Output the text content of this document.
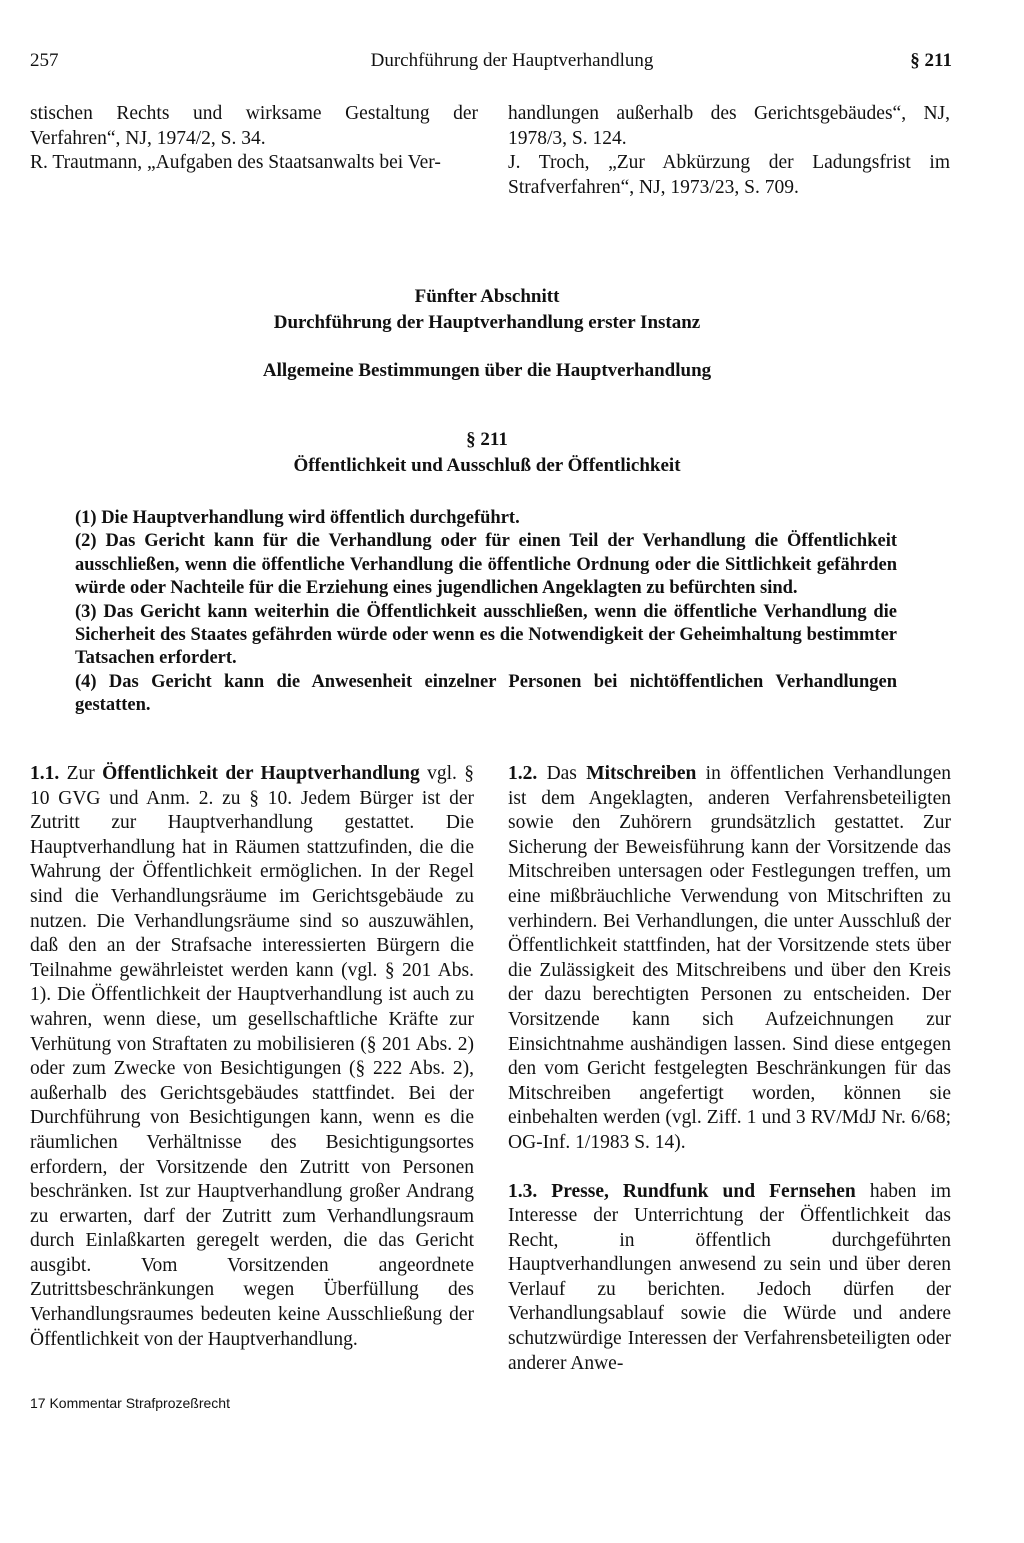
257	Durchführung der Hauptverhandlung	§ 211

stischen Rechts und wirksame Gestaltung der Verfahren“, NJ, 1974/2, S. 34.

R. Trautmann, „Aufgaben des Staatsanwalts bei Ver-

handlungen außerhalb des Gerichtsgebäudes“, NJ, 1978/3, S. 124.

J. Troch, „Zur Abkürzung der Ladungsfrist im Strafverfahren“, NJ, 1973/23, S. 709.

Fünfter Abschnitt
Durchführung der Hauptverhandlung erster Instanz
Allgemeine Bestimmungen über die Hauptverhandlung
§ 211
Öffentlichkeit und Ausschluß der Öffentlichkeit

(1) Die Hauptverhandlung wird öffentlich durchgeführt.

(2) Das Gericht kann für die Verhandlung oder für einen Teil der Verhandlung die Öffentlichkeit ausschließen, wenn die öffentliche Verhandlung die öffentliche Ordnung oder die Sittlichkeit gefährden würde oder Nachteile für die Erziehung eines jugendlichen Angeklagten zu befürchten sind.

(3) Das Gericht kann weiterhin die Öffentlichkeit ausschließen, wenn die öffentliche Verhandlung die Sicherheit des Staates gefährden würde oder wenn es die Notwendigkeit der Geheimhaltung bestimmter Tatsachen erfordert.

(4) Das Gericht kann die Anwesenheit einzelner Personen bei nichtöffentlichen Verhandlungen gestatten.

1.1. Zur Öffentlichkeit der Hauptverhandlung vgl. § 10 GVG und Anm. 2. zu § 10. Jedem Bürger ist der Zutritt zur Hauptverhandlung gestattet. Die Hauptverhandlung hat in Räumen stattzufinden, die die Wahrung der Öffentlichkeit ermöglichen. In der Regel sind die Verhandlungsräume im Gerichtsgebäude zu nutzen. Die Verhandlungsräume sind so auszuwählen, daß den an der Strafsache interessierten Bürgern die Teilnahme gewährleistet werden kann (vgl. § 201 Abs. 1). Die Öffentlichkeit der Hauptverhandlung ist auch zu wahren, wenn diese, um gesellschaftliche Kräfte zur Verhütung von Straftaten zu mobilisieren (§ 201 Abs. 2) oder zum Zwecke von Besichtigungen (§ 222 Abs. 2), außerhalb des Gerichtsgebäudes stattfindet. Bei der Durchführung von Besichtigungen kann, wenn es die räumlichen Verhältnisse des Besichtigungsortes erfordern, der Vorsitzende den Zutritt von Personen beschränken. Ist zur Hauptverhandlung großer Andrang zu erwarten, darf der Zutritt zum Verhandlungsraum durch Einlaßkarten geregelt werden, die das Gericht ausgibt. Vom Vorsitzenden angeordnete Zutrittsbeschränkungen wegen Überfüllung des Verhandlungsraumes bedeuten keine Ausschließung der Öffentlichkeit von der Hauptverhandlung.

1.2. Das Mitschreiben in öffentlichen Verhandlungen ist dem Angeklagten, anderen Verfahrensbeteiligten sowie den Zuhörern grundsätzlich gestattet. Zur Sicherung der Beweisführung kann der Vorsitzende das Mitschreiben untersagen oder Festlegungen treffen, um eine mißbräuchliche Verwendung von Mitschriften zu verhindern. Bei Verhandlungen, die unter Ausschluß der Öffentlichkeit stattfinden, hat der Vorsitzende stets über die Zulässigkeit des Mitschreibens und über den Kreis der dazu berechtigten Personen zu entscheiden. Der Vorsitzende kann sich Aufzeichnungen zur Einsichtnahme aushändigen lassen. Sind diese entgegen den vom Gericht festgelegten Beschränkungen für das Mitschreiben angefertigt worden, können sie einbehalten werden (vgl. Ziff. 1 und 3 RV/MdJ Nr. 6/68; OG-Inf. 1/1983 S. 14).

1.3. Presse, Rundfunk und Fernsehen haben im Interesse der Unterrichtung der Öffentlichkeit das Recht, in öffentlich durchgeführten Hauptverhandlungen anwesend zu sein und über deren Verlauf zu berichten. Jedoch dürfen der Verhandlungsablauf sowie die Würde und andere schutzwürdige Interessen der Verfahrensbeteiligten oder anderer Anwe-

17 Kommentar Strafprozeßrecht
